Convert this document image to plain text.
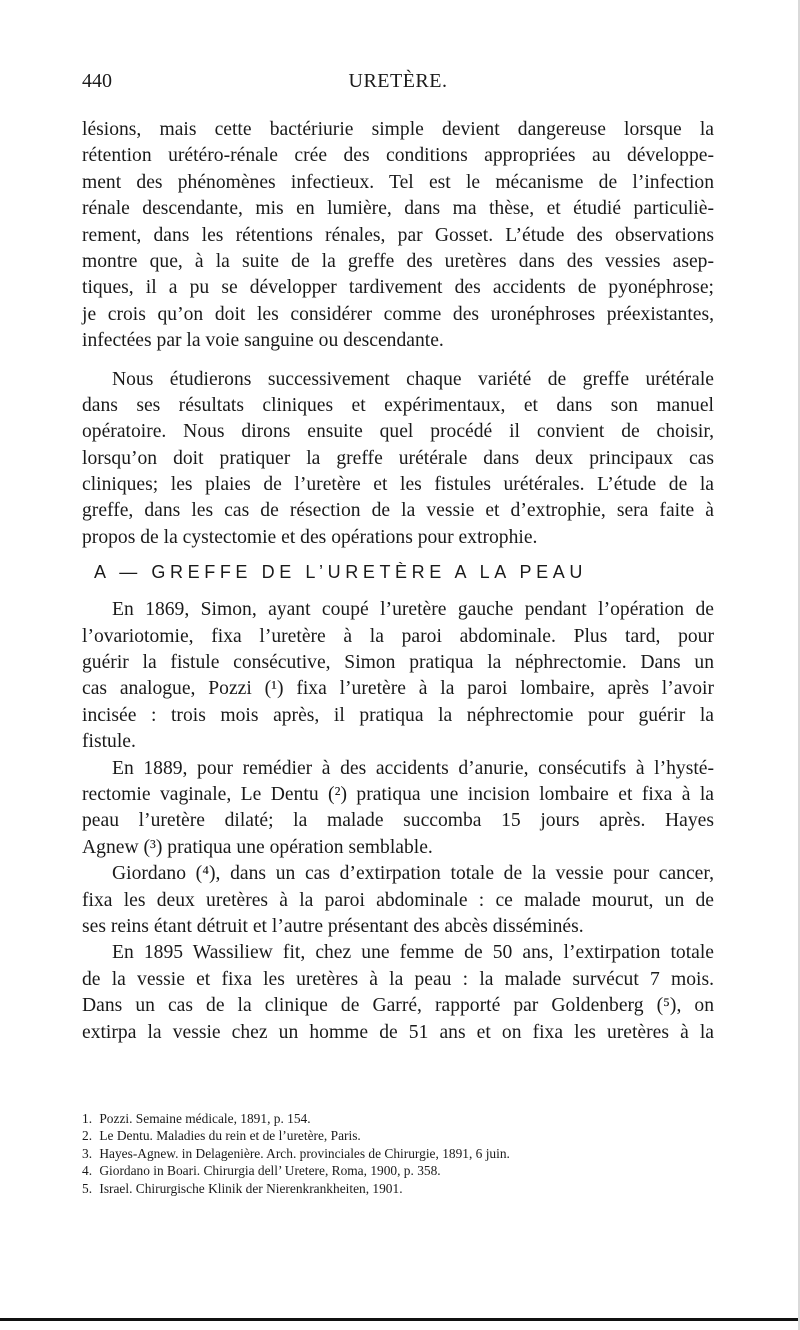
440	URETÈRE.
lésions, mais cette bactériurie simple devient dangereuse lorsque la
rétention urétéro-rénale crée des conditions appropriées au développe-
ment des phénomènes infectieux. Tel est le mécanisme de l’infection
rénale descendante, mis en lumière, dans ma thèse, et étudié particuliè-
rement, dans les rétentions rénales, par Gosset. L’étude des observations
montre que, à la suite de la greffe des uretères dans des vessies asep-
tiques, il a pu se développer tardivement des accidents de pyonéphrose;
je crois qu’on doit les considérer comme des uronéphroses préexistantes,
infectées par la voie sanguine ou descendante.
Nous étudierons successivement chaque variété de greffe urétérale
dans ses résultats cliniques et expérimentaux, et dans son manuel
opératoire. Nous dirons ensuite quel procédé il convient de choisir,
lorsqu’on doit pratiquer la greffe urétérale dans deux principaux cas
cliniques; les plaies de l’uretère et les fistules urétérales. L’étude de la
greffe, dans les cas de résection de la vessie et d’extrophie, sera faite à
propos de la cystectomie et des opérations pour extrophie.
A — GREFFE DE L’URETÈRE A LA PEAU
En 1869, Simon, ayant coupé l’uretère gauche pendant l’opération de
l’ovariotomie, fixa l’uretère à la paroi abdominale. Plus tard, pour
guérir la fistule consécutive, Simon pratiqua la néphrectomie. Dans un
cas analogue, Pozzi (¹) fixa l’uretère à la paroi lombaire, après l’avoir
incisée : trois mois après, il pratiqua la néphrectomie pour guérir la
fistule.
En 1889, pour remédier à des accidents d’anurie, consécutifs à l’hysté-
rectomie vaginale, Le Dentu (²) pratiqua une incision lombaire et fixa à la
peau l’uretère dilaté; la malade succomba 15 jours après. Hayes
Agnew (³) pratiqua une opération semblable.
Giordano (⁴), dans un cas d’extirpation totale de la vessie pour cancer,
fixa les deux uretères à la paroi abdominale : ce malade mourut, un de
ses reins étant détruit et l’autre présentant des abcès disséminés.
En 1895 Wassiliew fit, chez une femme de 50 ans, l’extirpation totale
de la vessie et fixa les uretères à la peau : la malade survécut 7 mois.
Dans un cas de la clinique de Garré, rapporté par Goldenberg (⁵), on
extirpa la vessie chez un homme de 51 ans et on fixa les uretères à la
1. Pozzi. Semaine médicale, 1891, p. 154.
2. Le Dentu. Maladies du rein et de l’uretère, Paris.
3. Hayes-Agnew. in Delagenière. Arch. provinciales de Chirurgie, 1891, 6 juin.
4. Giordano in Boari. Chirurgia dell’ Uretere, Roma, 1900, p. 358.
5. Israel. Chirurgische Klinik der Nierenkrankheiten, 1901.
